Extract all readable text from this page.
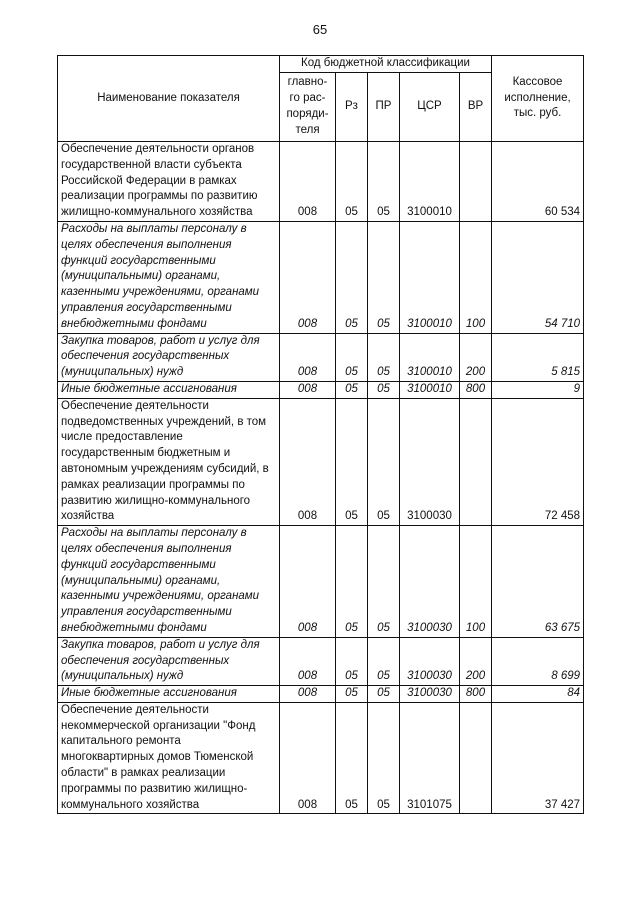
65
Наименование показателя	Код бюджетной классификации					Кассовое исполнение, тыс. руб.
	главно-го рас-поряди-теля	Рз	ПР	ЦСР	ВР	
Обеспечение деятельности органов государственной власти субъекта Российской Федерации в рамках реализации программы по развитию жилищно-коммунального хозяйства	008	05	05	3100010		60 534
Расходы на выплаты персоналу в целях обеспечения выполнения функций государственными (муниципальными) органами, казенными учреждениями, органами управления государственными внебюджетными фондами	008	05	05	3100010	100	54 710
Закупка товаров, работ и услуг для обеспечения государственных (муниципальных) нужд	008	05	05	3100010	200	5 815
Иные бюджетные ассигнования	008	05	05	3100010	800	9
Обеспечение деятельности подведомственных учреждений, в том числе предоставление государственным бюджетным и автономным учреждениям субсидий, в рамках реализации программы по развитию жилищно-коммунального хозяйства	008	05	05	3100030		72 458
Расходы на выплаты персоналу в целях обеспечения выполнения функций государственными (муниципальными) органами, казенными учреждениями, органами управления государственными внебюджетными фондами	008	05	05	3100030	100	63 675
Закупка товаров, работ и услуг для обеспечения государственных (муниципальных) нужд	008	05	05	3100030	200	8 699
Иные бюджетные ассигнования	008	05	05	3100030	800	84
Обеспечение деятельности некоммерческой организации "Фонд капитального ремонта многоквартирных домов Тюменской области" в рамках реализации программы по развитию жилищно-коммунального хозяйства	008	05	05	3101075		37 427
